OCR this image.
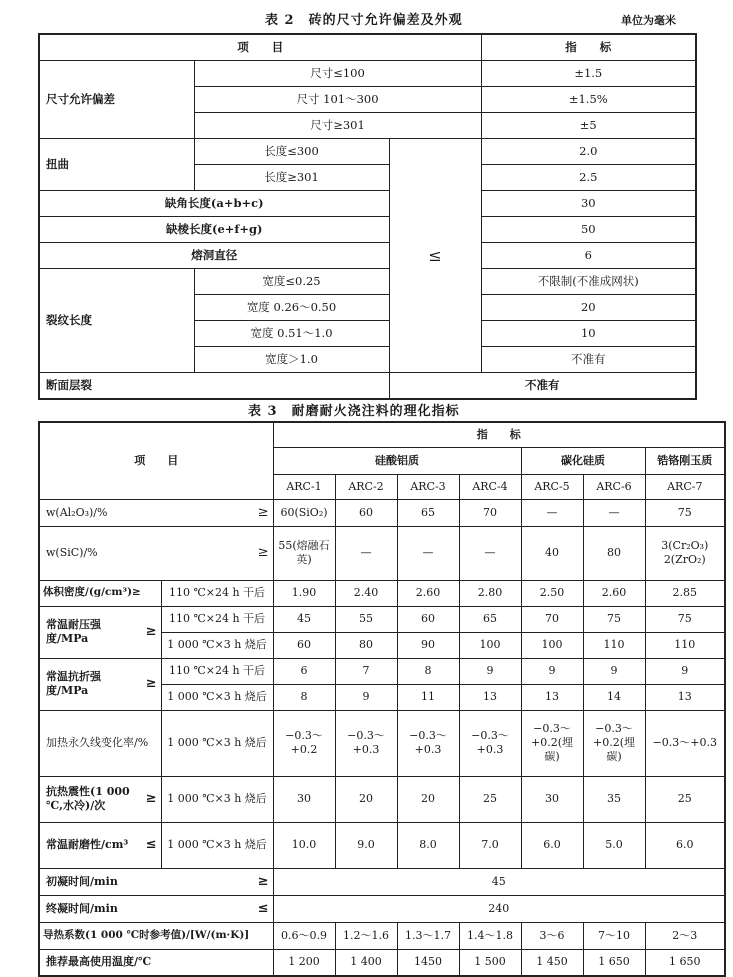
表 2　砖的尺寸允许偏差及外观	单位为毫米
项　　目			指　　标
尺寸允许偏差	尺寸≤100		±1.5
	尺寸 101～300		±1.5%
	尺寸≥301		±5
扭曲	长度≤300	≤	2.0
	长度≥301		2.5
缺角长度(a+b+c)			30
缺棱长度(e+f+g)			50
熔洞直径			6
裂纹长度	宽度≤0.25		不限制(不准成网状)
	宽度 0.26～0.50		20
	宽度 0.51～1.0		10
	宽度＞1.0		不准有
断面层裂		不准有	
表 3　耐磨耐火浇注料的理化指标
项　　目		指　　标						
		硅酸铝质				碳化硅质		锆铬刚玉质
		ARC-1	ARC-2	ARC-3	ARC-4	ARC-5	ARC-6	ARC-7
w(Al₂O₃)/% ≥		60(SiO₂)	60	65	70	—	—	75
w(SiC)/% ≥		55(熔融石英)	—	—	—	40	80	3(Cr₂O₃)
2(ZrO₂)
体积密度/(g/cm³)≥	110 ℃×24 h 干后	1.90	2.40	2.60	2.80	2.50	2.60	2.85
常温耐压强度/MPa ≥	110 ℃×24 h 干后	45	55	60	65	70	75	75
	1 000 ℃×3 h 烧后	60	80	90	100	100	110	110
常温抗折强度/MPa ≥	110 ℃×24 h 干后	6	7	8	9	9	9	9
	1 000 ℃×3 h 烧后	8	9	11	13	13	14	13
加热永久线变化率/%	1 000 ℃×3 h 烧后	−0.3～+0.2	−0.3～+0.3	−0.3～+0.3	−0.3～+0.3	−0.3～+0.2(埋碳)	−0.3～+0.2(埋碳)	−0.3～+0.3
抗热震性(1 000 ℃,水冷)/次 ≥	1 000 ℃×3 h 烧后	30	20	20	25	30	35	25
常温耐磨性/cm³ ≤	1 000 ℃×3 h 烧后	10.0	9.0	8.0	7.0	6.0	5.0	6.0
初凝时间/min ≥		45						
终凝时间/min ≤		240						
导热系数(1 000 ℃时参考值)/[W/(m·K)]		0.6～0.9	1.2～1.6	1.3～1.7	1.4～1.8	3～6	7～10	2～3
推荐最高使用温度/℃		1 200	1 400	1450	1 500	1 450	1 650	1 650
